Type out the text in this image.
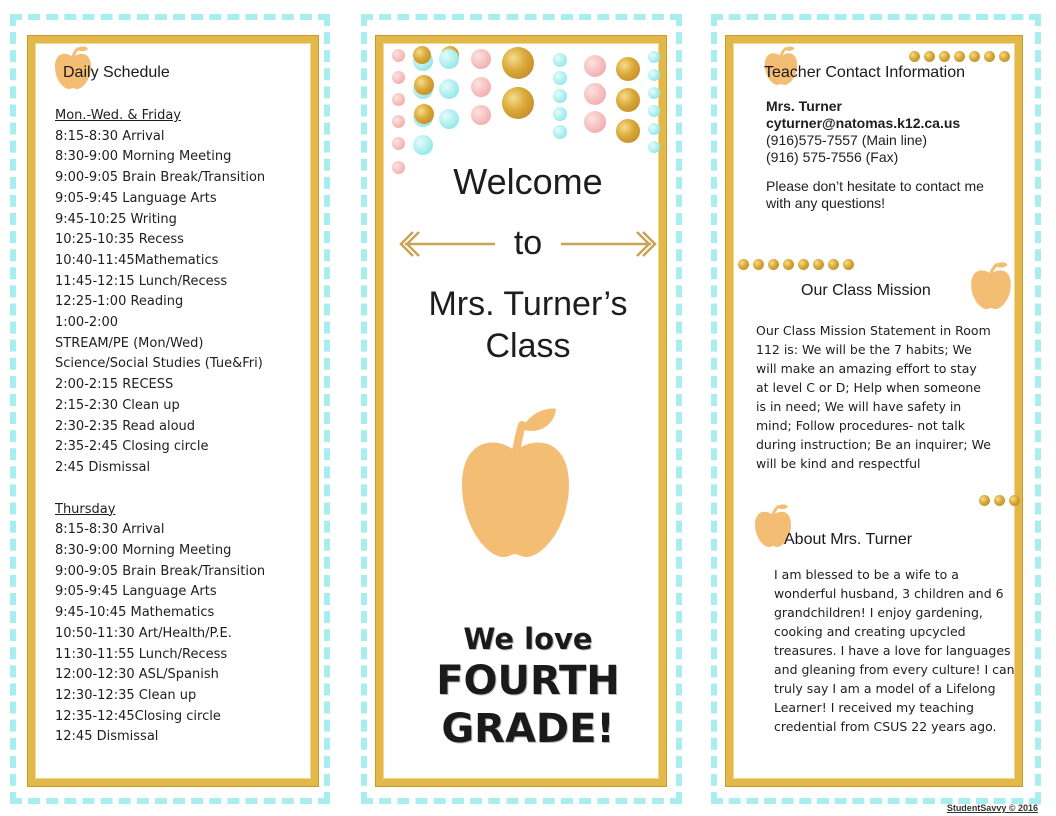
Daily Schedule
Mon.-Wed. & Friday
8:15-8:30 Arrival
8:30-9:00 Morning Meeting
9:00-9:05 Brain Break/Transition
9:05-9:45 Language Arts
9:45-10:25 Writing
10:25-10:35 Recess
10:40-11:45Mathematics
11:45-12:15 Lunch/Recess
12:25-1:00 Reading
1:00-2:00
STREAM/PE (Mon/Wed)
Science/Social Studies (Tue&Fri)
2:00-2:15 RECESS
2:15-2:30 Clean up
2:30-2:35 Read aloud
2:35-2:45 Closing circle
2:45 Dismissal
Thursday
8:15-8:30 Arrival
8:30-9:00 Morning Meeting
9:00-9:05 Brain Break/Transition
9:05-9:45 Language Arts
9:45-10:45 Mathematics
10:50-11:30 Art/Health/P.E.
11:30-11:55 Lunch/Recess
12:00-12:30 ASL/Spanish
12:30-12:35 Clean up
12:35-12:45Closing circle
12:45 Dismissal
Welcome
to
Mrs. Turner’s
Class
We love
FOURTH
GRADE!
Teacher Contact Information
Mrs. Turner
cyturner@natomas.k12.ca.us
(916)575-7557 (Main line)
(916) 575-7556 (Fax)
Please don’t hesitate to contact me with any questions!
Our Class Mission
Our Class Mission Statement in Room 112 is: We will be the 7 habits; We will make an amazing effort to stay at level C or D; Help when someone is in need; We will have safety in mind; Follow procedures- not talk during instruction; Be an inquirer; We will be kind and respectful
About Mrs. Turner
I am blessed to be a wife to a wonderful husband, 3 children and 6 grandchildren! I enjoy gardening, cooking and creating upcycled treasures. I have a love for languages and gleaning from every culture! I can truly say I am a model of a Lifelong Learner! I received my teaching credential from CSUS 22 years ago.
StudentSavvy © 2016
